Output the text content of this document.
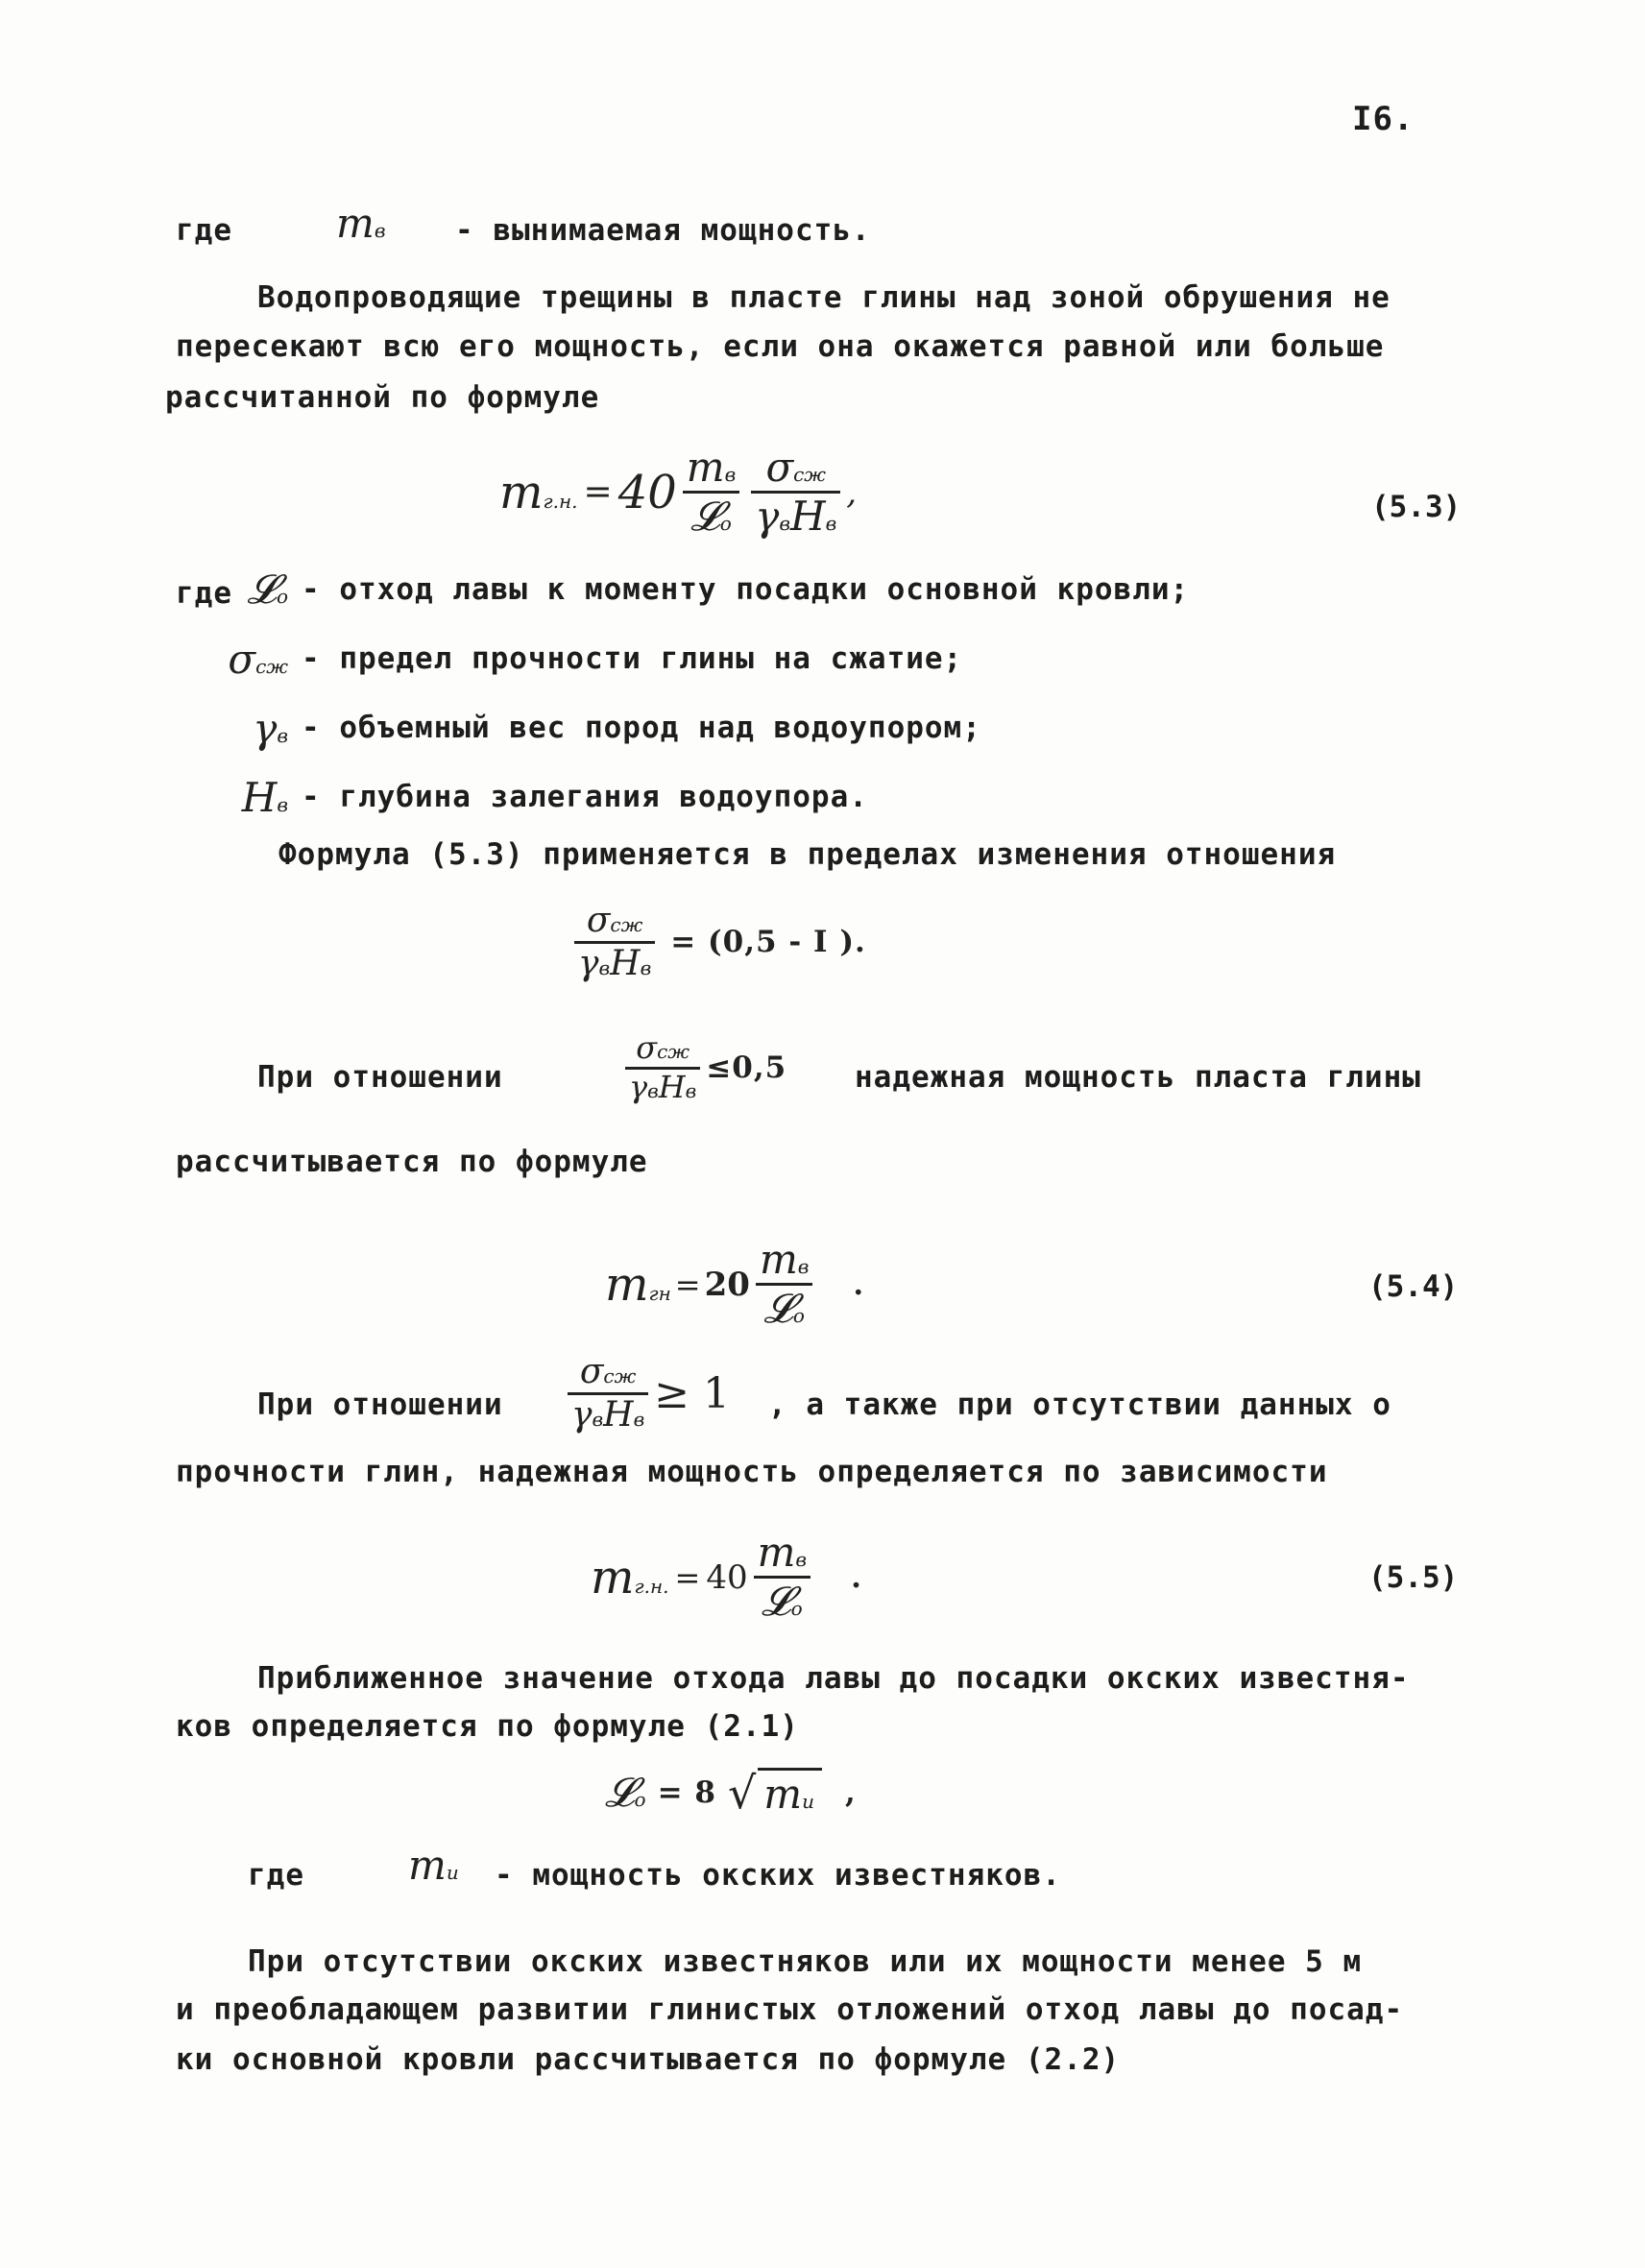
I6.
где	mв - вынимаемая мощность.
Вoдoпроводящие трещины в пласте глины над зоной обрушения не
пересекают всю его мощность, если она окажется равной или больше
рассчитанной по формуле
mг.н. = $40 \frac{mв}{\text{𝓛о}} \frac{\text{σсж}}{\text{γвHв}}$ ,	(5.3)
где 𝓛о - отход лавы к моменту посадки основной кровли;
σсж - предел прочности глины на сжатие;
γв - объемный вес пород над водоупором;
Hв - глубина залегания водоупора.
Формула (5.3) применяется в пределах изменения отношения
$\frac{\text{σсж}}{\text{γвHв}} = (0,5 - I$ ).
При отношении	$\frac{\text{σсж}}{\text{γвHв}} \le 0,5$ надежная мощность пласта глины
рассчитывается по формуле
mгн = $20 \frac{mв}{\text{𝓛о}}$ .	(5.4)
При отношении $\frac{\text{σсж}}{\text{γвHв}} \ge 1$ , а также при отсутствии данных о
прочности глин, надежная мощность определяется по зависимости
mг.н. = $40 \frac{mв}{\text{𝓛о}}$ .	(5.5)
Приближенное значение отхода лавы до посадки окских известня-
ков определяется по формуле (2.1)
𝓛о = 8 √ mи ,
где	mи - мощность окских известняков.
При отсутствии окских известняков или их мощности менее 5 м
и преобладающем развитии глинистых отложений отход лавы до посад-
ки основной кровли рассчитывается по формуле (2.2)
